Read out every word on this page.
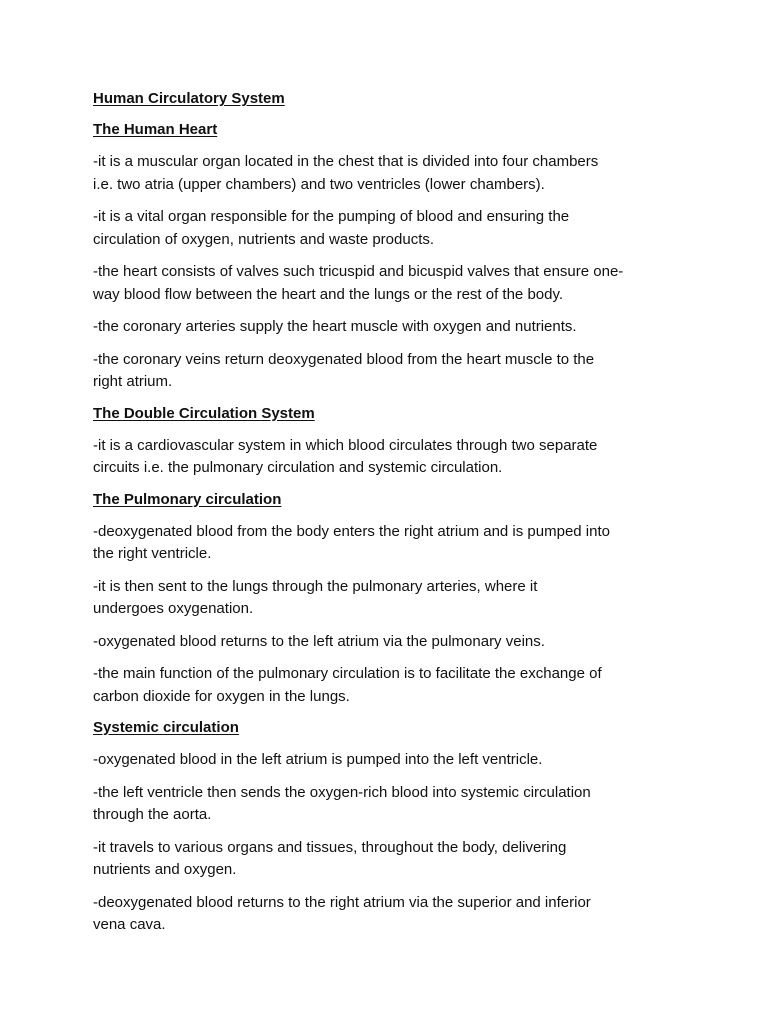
Human Circulatory System
The Human Heart
-it is a muscular organ located in the chest that is divided into four chambers
i.e. two atria (upper chambers) and two ventricles (lower chambers).
-it is a vital organ responsible for the pumping of blood and ensuring the
circulation of oxygen, nutrients and waste products.
-the heart consists of valves such tricuspid and bicuspid valves that ensure one-
way blood flow between the heart and the lungs or the rest of the body.
-the coronary arteries supply the heart muscle with oxygen and nutrients.
-the coronary veins return deoxygenated blood from the heart muscle to the
right atrium.
The Double Circulation System
-it is a cardiovascular system in which blood circulates through two separate
circuits i.e. the pulmonary circulation and systemic circulation.
The Pulmonary circulation
-deoxygenated blood from the body enters the right atrium and is pumped into
the right ventricle.
-it is then sent to the lungs through the pulmonary arteries, where it
undergoes oxygenation.
-oxygenated blood returns to the left atrium via the pulmonary veins.
-the main function of the pulmonary circulation is to facilitate the exchange of
carbon dioxide for oxygen in the lungs.
Systemic circulation
-oxygenated blood in the left atrium is pumped into the left ventricle.
-the left ventricle then sends the oxygen-rich blood into systemic circulation
through the aorta.
-it travels to various organs and tissues, throughout the body, delivering
nutrients and oxygen.
-deoxygenated blood returns to the right atrium via the superior and inferior
vena cava.
